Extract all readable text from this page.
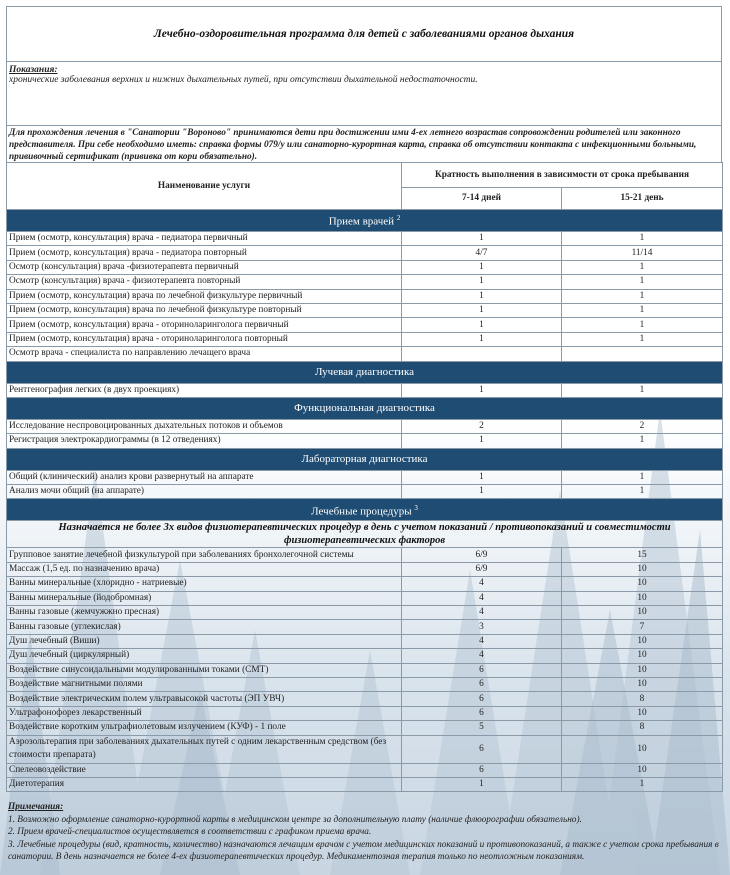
Лечебно-оздоровительная программа для детей с заболеваниями органов дыхания
Показания:
хронические заболевания верхних и нижних дыхательных путей, при отсутствии дыхательной недостаточности.
Для прохождения лечения в "Санатории "Вороново" принимаются дети при достижении ими 4-ех летнего возрастав сопровождении родителей или законного представителя. При себе необходимо иметь: справка формы 079/у или санаторно-курортная карта, справка об отсутствии контакта с инфекционными больными, прививочный сертификат (прививка от кори обязательно).
Наименование услуги	Кратность выполнения в зависимости от срока пребывания	
	7-14 дней	15-21 день
Прием врачей $^2$
Прием (осмотр, консультация) врача - педиатора первичный	1	1
Прием (осмотр, консультация) врача - педиатора повторный	4/7	11/14
Осмотр (консультация) врача -физиотерапевта первичный	1	1
Осмотр (консультация) врача - физиотерапевта повторный	1	1
Прием (осмотр, консультация) врача по лечебной физкультуре первичный	1	1
Прием (осмотр, консультация) врача по лечебной физкультуре повторный	1	1
Прием (осмотр, консультация) врача - оториноларинголога первичный	1	1
Прием (осмотр, консультация) врача - оториноларинголога повторный	1	1
Осмотр врача - специалиста по направлению лечащего врача		
Лучевая диагностика		
Рентгенография легких (в двух проекциях)	1	1
Функциональная диагностика		
Исследование неспровоцированных дыхательных потоков и объемов	2	2
Регистрация электрокардиограммы (в 12 отведениях)	1	1
Лабораторная диагностика		
Общий (клинический) анализ крови развернутый на аппарате	1	1
Анализ мочи общий (на аппарате)	1	1
Лечебные процедуры $^3$
Назначается не более 3х видов физиотерапевтических процедур в день с учетом показаний / противопоказаний и совместимости физиотерапевтических факторов		
Групповое занятие лечебной физкультурой при заболеваниях бронхолегочной системы	6/9	15
Массаж (1,5 ед. по назначению врача)	6/9	10
Ванны минеральные (хлоридно - натриевые)	4	10
Ванны минеральные (йодобромная)	4	10
Ванны газовые (жемчужжно пресная)	4	10
Ванны газовые (углекислая)	3	7
Душ лечебный (Виши)	4	10
Душ лечебный (циркулярный)	4	10
Воздействие синусоидальными модулированными токами (СМТ)	6	10
Воздействие магнитными полями	6	10
Воздействие электрическим полем ультравысокой частоты (ЭП УВЧ)	6	8
Ультрафонофорез лекарственный	6	10
Воздействие коротким ультрафиолетовым излучением (КУФ) - 1 поле	5	8
Аэрозольтерапия при заболеваниях дыхательных путей с одним лекарственным средством (без стоимости препарата)	6	10
Спелеовоздействие	6	10
Диетотерапия	1	1
Примечания:
1. Возможно оформление санаторно-курортной карты в медицинском центре за дополнительную плату (наличие флюорографии обязательно).
2. Прием врачей-специалистов осуществляется в соответствии с графиком приема врача.
3. Лечебные процедуры (вид, кратность, количество) назначаются лечащим врачом с учетом медицинских показаний и противопоказаний, а также с учетом срока пребывания в санатории. В день назначается не более 4-ех физиотерапевтических процедур. Медикаментозная терапия только по неотложным показаниям.
